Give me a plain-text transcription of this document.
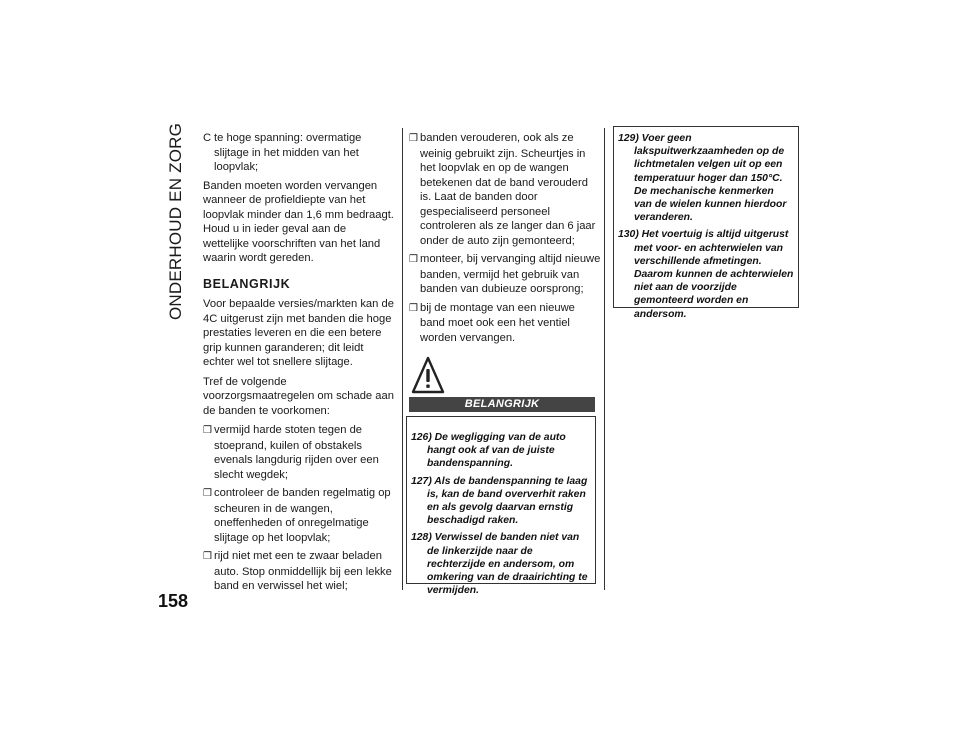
ONDERHOUD EN ZORG
158
C te hoge spanning: overmatige slijtage in het midden van het loopvlak;

Banden moeten worden vervangen wanneer de profieldiepte van het loopvlak minder dan 1,6 mm bedraagt. Houd u in ieder geval aan de wettelijke voorschriften van het land waarin wordt gereden.

BELANGRIJK

Voor bepaalde versies/markten kan de 4C uitgerust zijn met banden die hoge prestaties leveren en die een betere grip kunnen garanderen; dit leidt echter wel tot snellere slijtage.

Tref de volgende voorzorgsmaatregelen om schade aan de banden te voorkomen:

❒ vermijd harde stoten tegen de stoeprand, kuilen of obstakels evenals langdurig rijden over een slecht wegdek;
❒ controleer de banden regelmatig op scheuren in de wangen, oneffenheden of onregelmatige slijtage op het loopvlak;
❒ rijd niet met een te zwaar beladen auto. Stop onmiddellijk bij een lekke band en verwissel het wiel;
❒ banden verouderen, ook als ze weinig gebruikt zijn. Scheurtjes in het loopvlak en op de wangen betekenen dat de band verouderd is. Laat de banden door gespecialiseerd personeel controleren als ze langer dan 6 jaar onder de auto zijn gemonteerd;
❒ monteer, bij vervanging altijd nieuwe banden, vermijd het gebruik van banden van dubieuze oorsprong;
❒ bij de montage van een nieuwe band moet ook een het ventiel worden vervangen.
BELANGRIJK

126) De wegligging van de auto hangt ook af van de juiste bandenspanning.

127) Als de bandenspanning te laag is, kan de band oververhit raken en als gevolg daarvan ernstig beschadigd raken.

128) Verwissel de banden niet van de linkerzijde naar de rechterzijde en andersom, om omkering van de draairichting te vermijden.

129) Voer geen lakspuitwerkzaamheden op de lichtmetalen velgen uit op een temperatuur hoger dan 150°C. De mechanische kenmerken van de wielen kunnen hierdoor veranderen.

130) Het voertuig is altijd uitgerust met voor- en achterwielen van verschillende afmetingen. Daarom kunnen de achterwielen niet aan de voorzijde gemonteerd worden en andersom.
